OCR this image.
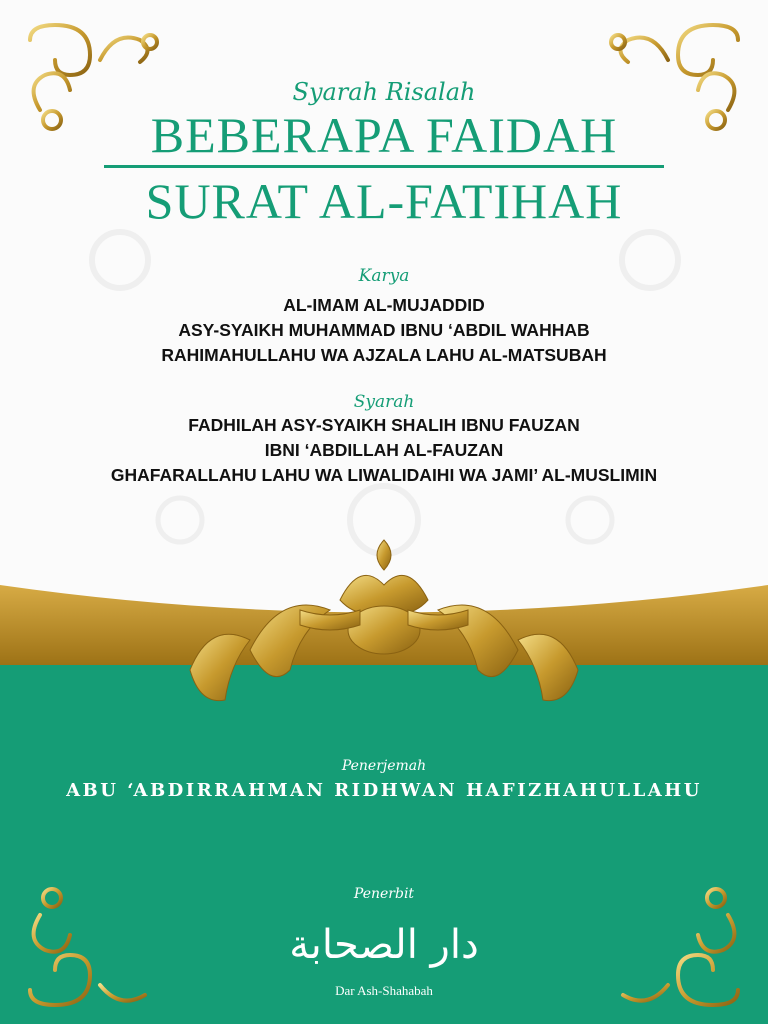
Syarah Risalah
BEBERAPA FAIDAH
SURAT AL-FATIHAH
Karya
AL-IMAM AL-MUJADDID
ASY-SYAIKH MUHAMMAD IBNU ‘ABDIL WAHHAB
RAHIMAHULLAHU WA AJZALA LAHU AL-MATSUBAH
Syarah
FADHILAH ASY-SYAIKH SHALIH IBNU FAUZAN
IBNI ‘ABDILLAH AL-FAUZAN
GHAFARALLAHU LAHU WA LIWALIDAIHI WA JAMI’ AL-MUSLIMIN
Penerjemah
ABU ‘ABDIRRAHMAN RIDHWAN HAFIZHAHULLAHU
Penerbit
دار الصحابة
Dar Ash-Shahabah
